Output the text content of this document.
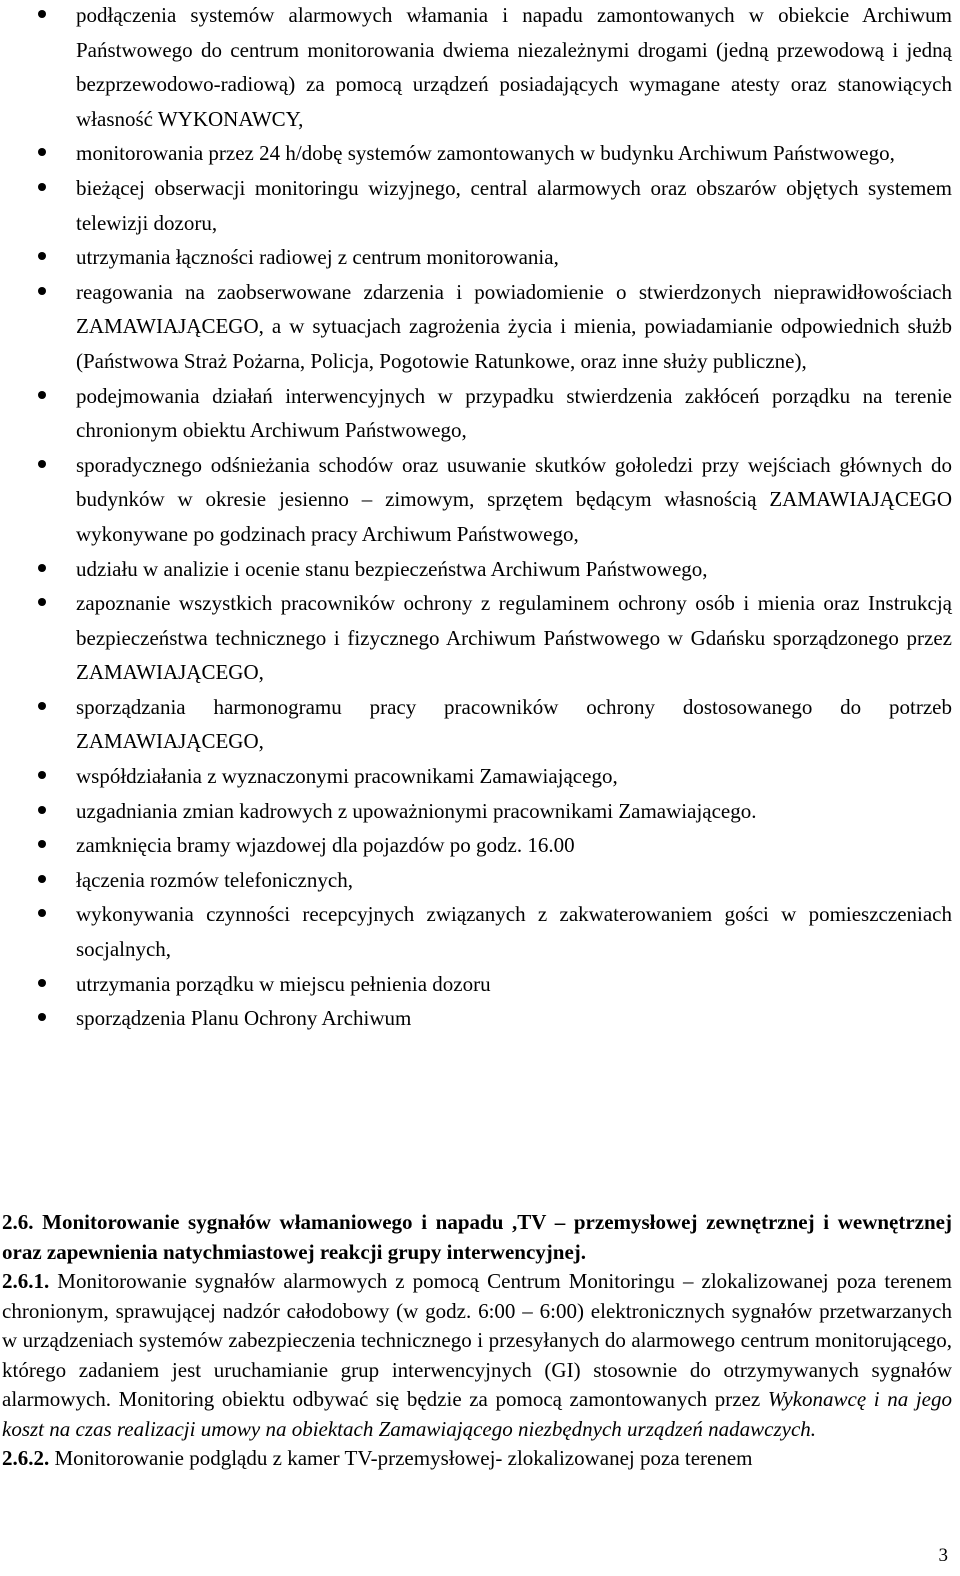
podłączenia systemów alarmowych włamania i napadu zamontowanych w obiekcie Archiwum Państwowego do centrum monitorowania dwiema niezależnymi drogami (jedną przewodową i jedną bezprzewodowo-radiową) za pomocą urządzeń posiadających wymagane atesty oraz stanowiących własność WYKONAWCY,
monitorowania przez 24 h/dobę systemów zamontowanych w budynku Archiwum Państwowego,
bieżącej obserwacji monitoringu wizyjnego, central alarmowych oraz obszarów objętych systemem telewizji dozoru,
utrzymania łączności radiowej z centrum monitorowania,
reagowania na zaobserwowane zdarzenia i powiadomienie o stwierdzonych nieprawidłowościach ZAMAWIAJĄCEGO, a w sytuacjach zagrożenia życia i mienia, powiadamianie odpowiednich służb (Państwowa Straż Pożarna, Policja, Pogotowie Ratunkowe, oraz inne służy publiczne),
podejmowania działań interwencyjnych w przypadku stwierdzenia zakłóceń porządku na terenie chronionym obiektu Archiwum Państwowego,
sporadycznego odśnieżania schodów oraz usuwanie skutków gołoledzi przy wejściach głównych do budynków w okresie jesienno – zimowym, sprzętem będącym własnością ZAMAWIAJĄCEGO wykonywane po godzinach pracy Archiwum Państwowego,
udziału w analizie i ocenie stanu bezpieczeństwa Archiwum Państwowego,
zapoznanie wszystkich pracowników ochrony z regulaminem ochrony osób i mienia oraz Instrukcją bezpieczeństwa technicznego i fizycznego Archiwum Państwowego w Gdańsku sporządzonego przez ZAMAWIAJĄCEGO,
sporządzania harmonogramu pracy pracowników ochrony dostosowanego do potrzeb ZAMAWIAJĄCEGO,
współdziałania z wyznaczonymi pracownikami Zamawiającego,
uzgadniania zmian kadrowych z upoważnionymi pracownikami Zamawiającego.
zamknięcia bramy wjazdowej dla pojazdów po godz. 16.00
łączenia rozmów telefonicznych,
wykonywania czynności recepcyjnych związanych z zakwaterowaniem gości w pomieszczeniach socjalnych,
utrzymania porządku w miejscu pełnienia dozoru
sporządzenia Planu Ochrony Archiwum

2.6. Monitorowanie sygnałów włamaniowego i napadu ,TV – przemysłowej zewnętrznej i wewnętrznej oraz zapewnienia natychmiastowej reakcji grupy interwencyjnej.

2.6.1. Monitorowanie sygnałów alarmowych z pomocą Centrum Monitoringu – zlokalizowanej poza terenem chronionym, sprawującej nadzór całodobowy (w godz. 6:00 – 6:00) elektronicznych sygnałów przetwarzanych w urządzeniach systemów zabezpieczenia technicznego i przesyłanych do alarmowego centrum monitorującego, którego zadaniem jest uruchamianie grup interwencyjnych (GI) stosownie do otrzymywanych sygnałów alarmowych. Monitoring obiektu odbywać się będzie za pomocą zamontowanych przez Wykonawcę i na jego koszt na czas realizacji umowy na obiektach Zamawiającego niezbędnych urządzeń nadawczych.

2.6.2. Monitorowanie podglądu z kamer TV-przemysłowej- zlokalizowanej poza terenem

3
